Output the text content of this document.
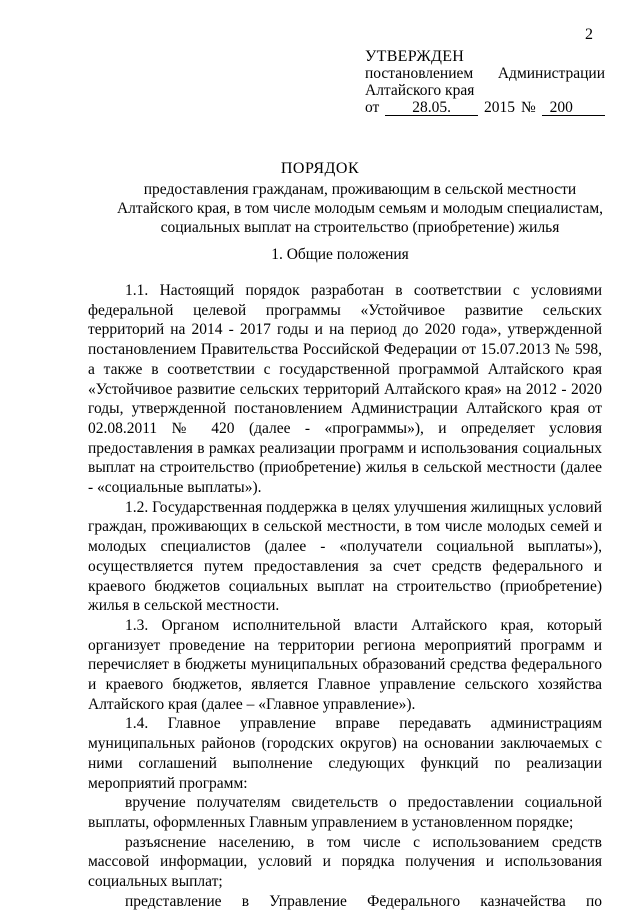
2
УТВЕРЖДЕН
постановлением Администрации
Алтайского края
от	28.05.	2015 № 200
ПОРЯДОК
предоставления гражданам, проживающим в сельской местности Алтайского края, в том числе молодым семьям и молодым специалистам, социальных выплат на строительство (приобретение) жилья
1. Общие положения

1.1. Настоящий порядок разработан в соответствии с условиями федеральной целевой программы «Устойчивое развитие сельских территорий на 2014 - 2017 годы и на период до 2020 года», утвержденной постановлением Правительства Российской Федерации от 15.07.2013 № 598, а также в соответствии с государственной программой Алтайского края «Устойчивое развитие сельских территорий Алтайского края» на 2012 - 2020 годы, утвержденной постановлением Администрации Алтайского края от 02.08.2011 № 420 (далее - «программы»), и определяет условия предоставления в рамках реализации программ и использования социальных выплат на строительство (приобретение) жилья в сельской местности (далее - «социальные выплаты»).

1.2. Государственная поддержка в целях улучшения жилищных условий граждан, проживающих в сельской местности, в том числе молодых семей и молодых специалистов (далее - «получатели социальной выплаты»), осуществляется путем предоставления за счет средств федерального и краевого бюджетов социальных выплат на строительство (приобретение) жилья в сельской местности.

1.3. Органом исполнительной власти Алтайского края, который организует проведение на территории региона мероприятий программ и перечисляет в бюджеты муниципальных образований средства федерального и краевого бюджетов, является Главное управление сельского хозяйства Алтайского края (далее – «Главное управление»).

1.4. Главное управление вправе передавать администрациям муниципальных районов (городских округов) на основании заключаемых с ними соглашений выполнение следующих функций по реализации мероприятий программ:

вручение получателям свидетельств о предоставлении социальной выплаты, оформленных Главным управлением в установленном порядке;

разъяснение населению, в том числе с использованием средств массовой информации, условий и порядка получения и использования социальных выплат;

представление в Управление Федерального казначейства по
